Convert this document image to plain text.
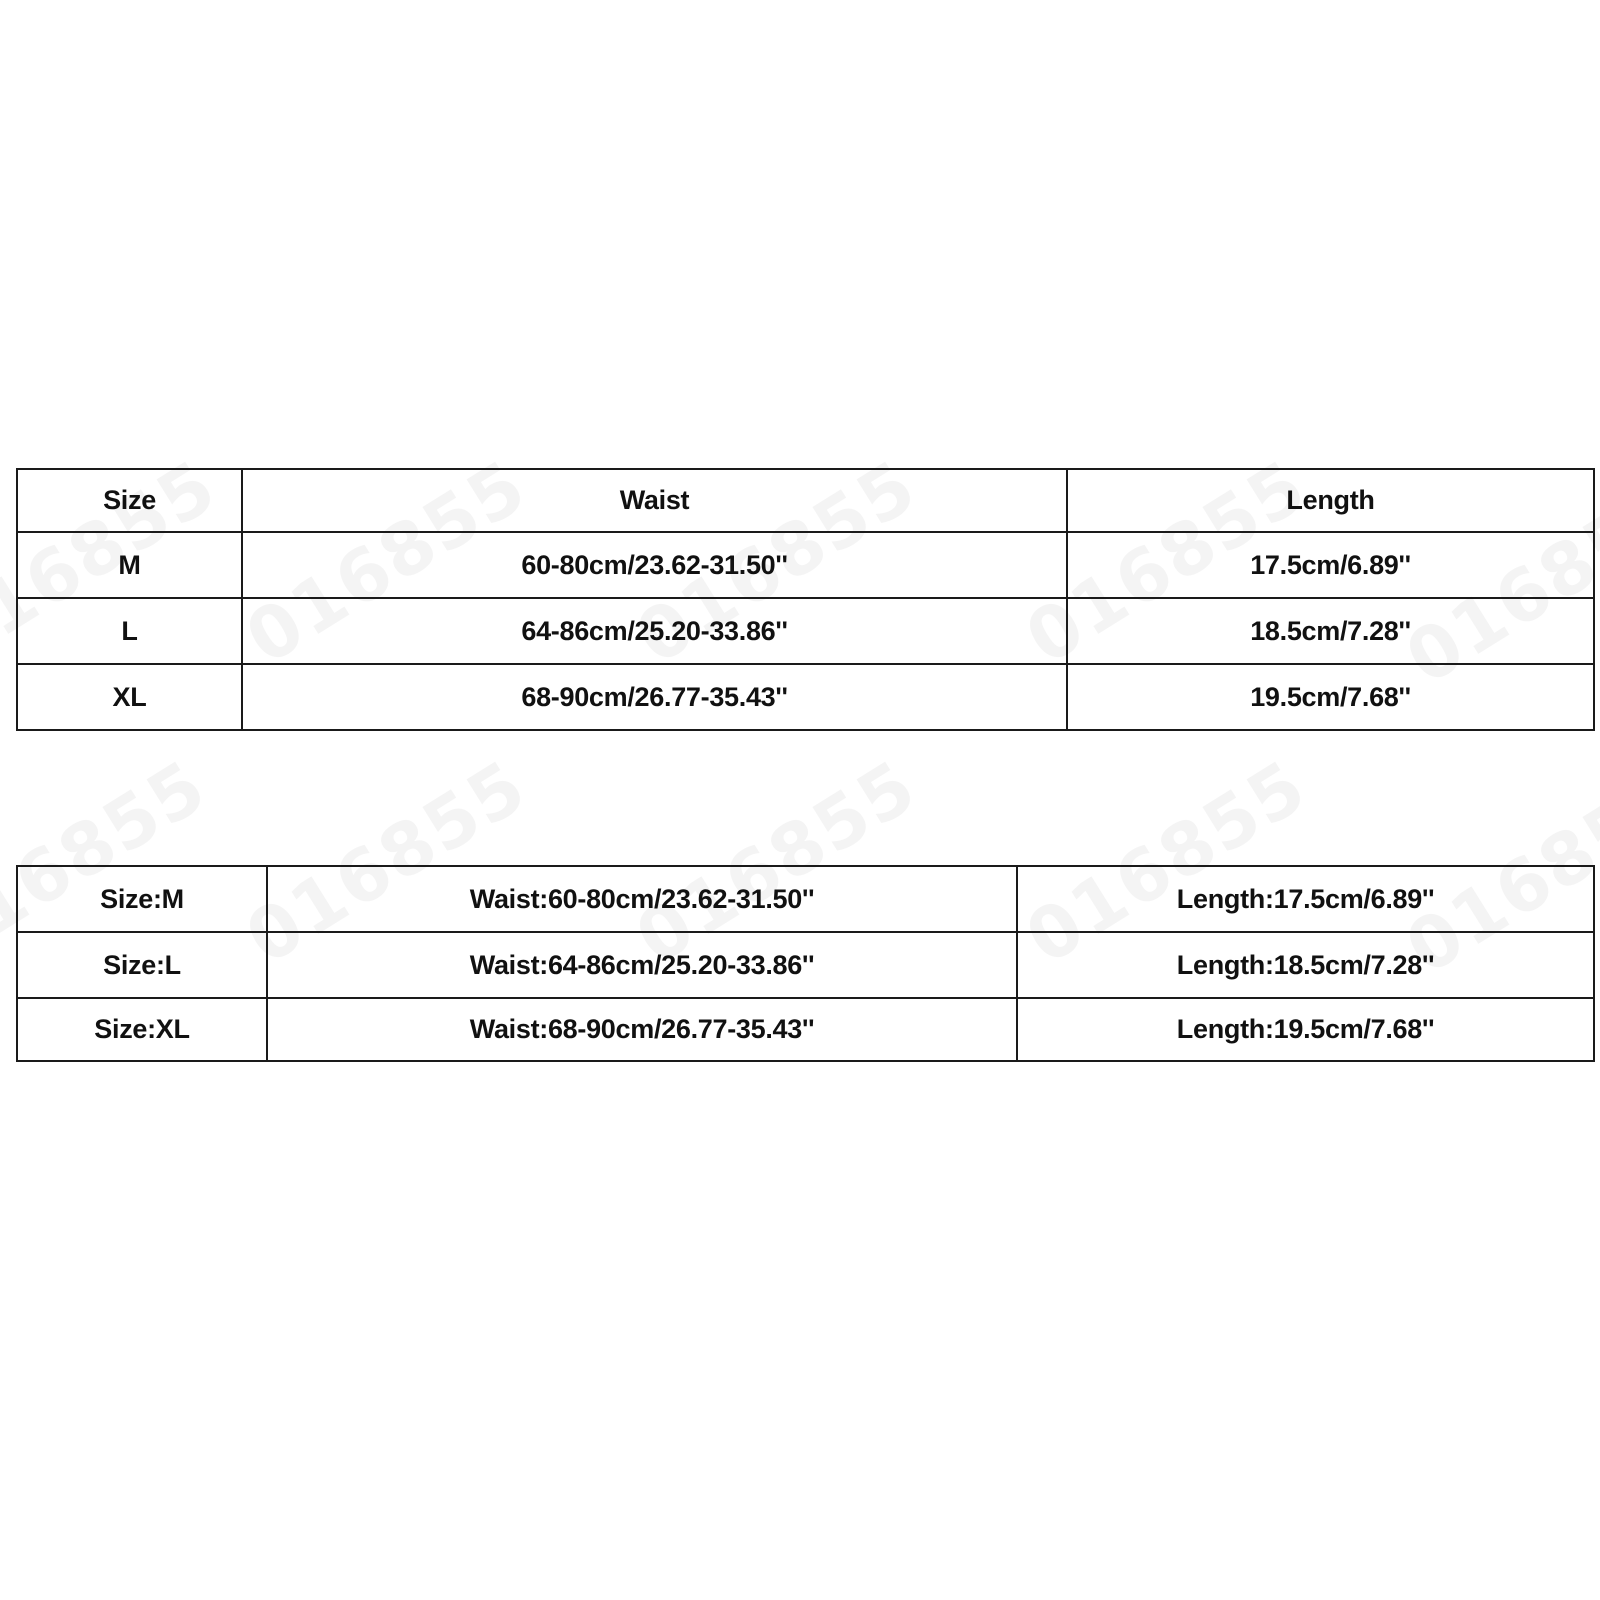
Size	Waist	Length
M	60-80cm/23.62-31.50''	17.5cm/6.89''
L	64-86cm/25.20-33.86''	18.5cm/7.28''
XL	68-90cm/26.77-35.43''	19.5cm/7.68''
Size:M	Waist:60-80cm/23.62-31.50''	Length:17.5cm/6.89''
Size:L	Waist:64-86cm/25.20-33.86''	Length:18.5cm/7.28''
Size:XL	Waist:68-90cm/26.77-35.43''	Length:19.5cm/7.68''
